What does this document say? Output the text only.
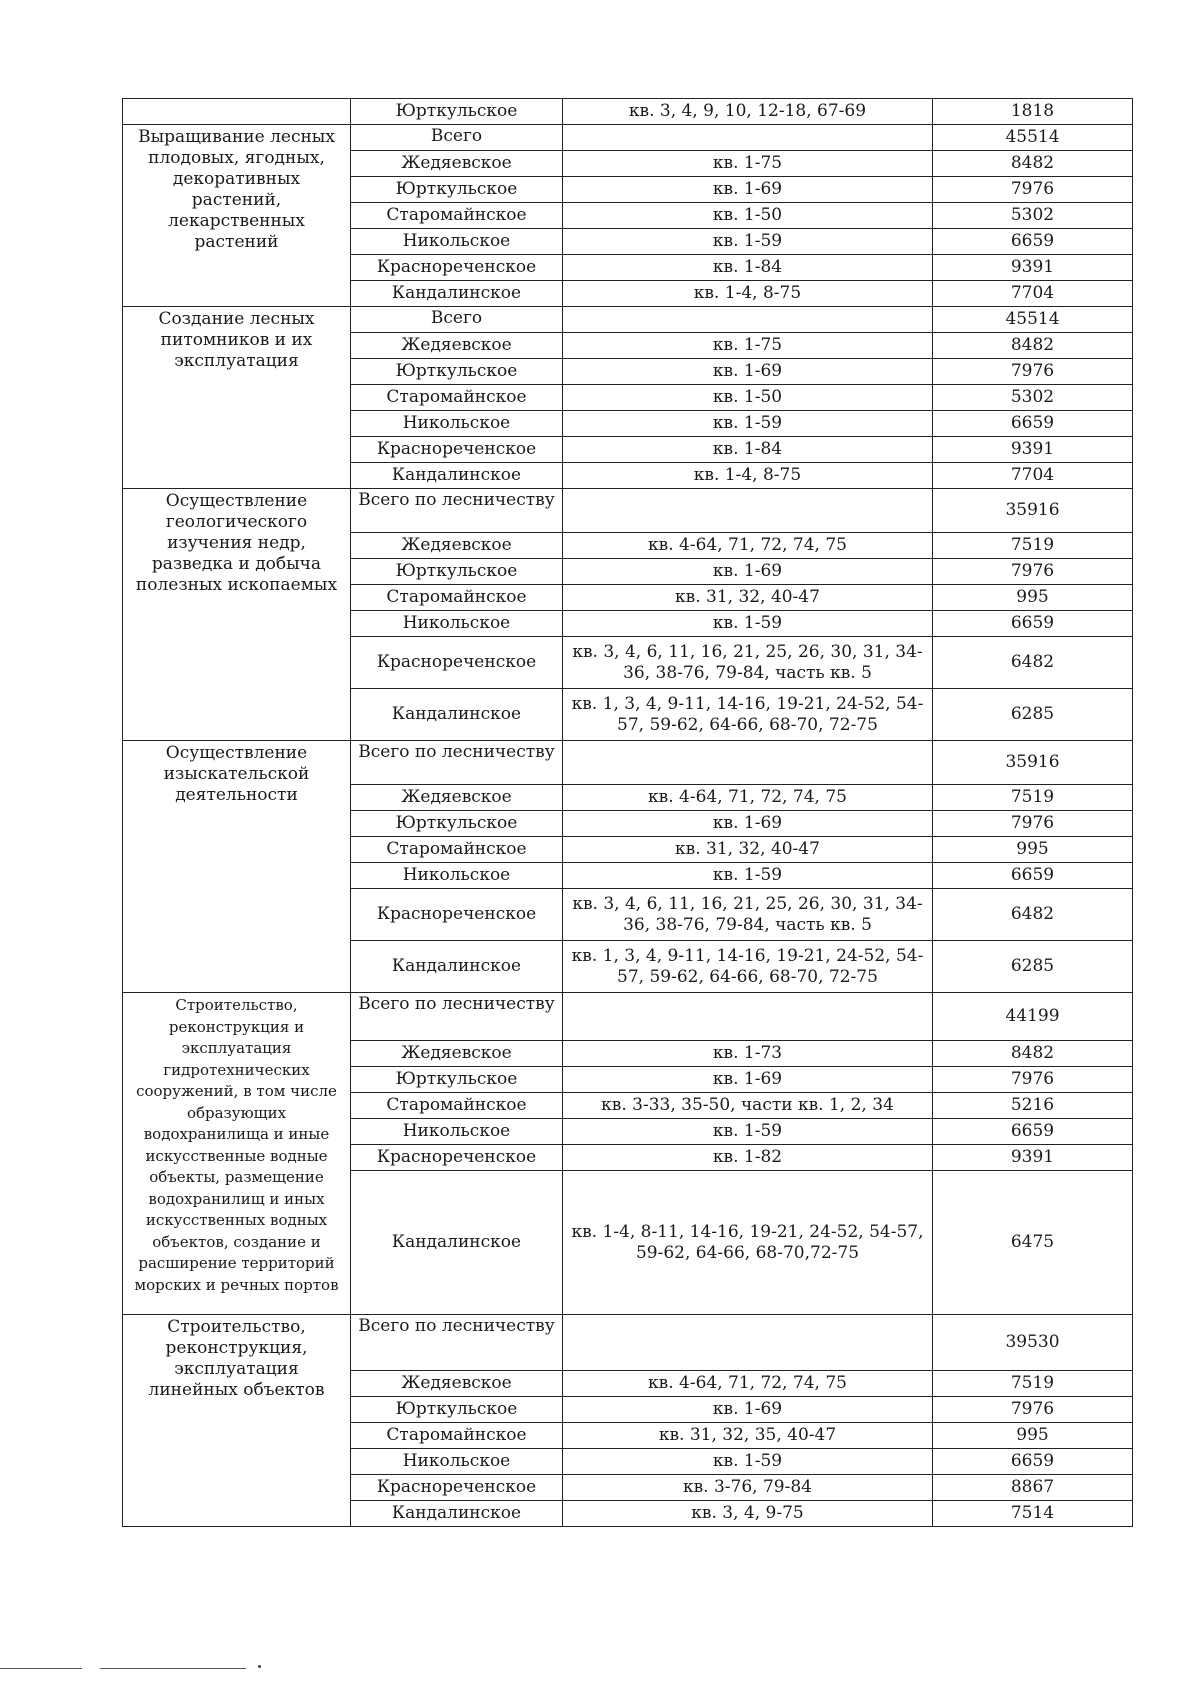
	Юрткульское	кв. 3, 4, 9, 10, 12-18, 67-69	1818
Выращивание лесных плодовых, ягодных, декоративных растений, лекарственных растений	Всего		45514
	Жедяевское	кв. 1-75	8482
	Юрткульское	кв. 1-69	7976
	Старомайнское	кв. 1-50	5302
	Никольское	кв. 1-59	6659
	Краснореченское	кв. 1-84	9391
	Кандалинское	кв. 1-4, 8-75	7704
Создание лесных питомников и их эксплуатация	Всего		45514
	Жедяевское	кв. 1-75	8482
	Юрткульское	кв. 1-69	7976
	Старомайнское	кв. 1-50	5302
	Никольское	кв. 1-59	6659
	Краснореченское	кв. 1-84	9391
	Кандалинское	кв. 1-4, 8-75	7704
Осуществление геологического изучения недр, разведка и добыча полезных ископаемых	Всего по лесничеству		35916
	Жедяевское	кв. 4-64, 71, 72, 74, 75	7519
	Юрткульское	кв. 1-69	7976
	Старомайнское	кв. 31, 32, 40-47	995
	Никольское	кв. 1-59	6659
	Краснореченское	кв. 3, 4, 6, 11, 16, 21, 25, 26, 30, 31, 34-36, 38-76, 79-84, часть кв. 5	6482
	Кандалинское	кв. 1, 3, 4, 9-11, 14-16, 19-21, 24-52, 54-57, 59-62, 64-66, 68-70, 72-75	6285
Осуществление изыскательской деятельности	Всего по лесничеству		35916
	Жедяевское	кв. 4-64, 71, 72, 74, 75	7519
	Юрткульское	кв. 1-69	7976
	Старомайнское	кв. 31, 32, 40-47	995
	Никольское	кв. 1-59	6659
	Краснореченское	кв. 3, 4, 6, 11, 16, 21, 25, 26, 30, 31, 34-36, 38-76, 79-84, часть кв. 5	6482
	Кандалинское	кв. 1, 3, 4, 9-11, 14-16, 19-21, 24-52, 54-57, 59-62, 64-66, 68-70, 72-75	6285
Строительство, реконструкция и эксплуатация гидротехнических сооружений, в том числе образующих водохранилища и иные искусственные водные объекты, размещение водохранилищ и иных искусственных водных объектов, создание и расширение территорий морских и речных портов	Всего по лесничеству		44199
	Жедяевское	кв. 1-73	8482
	Юрткульское	кв. 1-69	7976
	Старомайнское	кв. 3-33, 35-50, части кв. 1, 2, 34	5216
	Никольское	кв. 1-59	6659
	Краснореченское	кв. 1-82	9391
	Кандалинское	кв. 1-4, 8-11, 14-16, 19-21, 24-52, 54-57, 59-62, 64-66, 68-70,72-75	6475
Строительство, реконструкция, эксплуатация линейных объектов	Всего по лесничеству		39530
	Жедяевское	кв. 4-64, 71, 72, 74, 75	7519
	Юрткульское	кв. 1-69	7976
	Старомайнское	кв. 31, 32, 35, 40-47	995
	Никольское	кв. 1-59	6659
	Краснореченское	кв. 3-76, 79-84	8867
	Кандалинское	кв. 3, 4, 9-75	7514
